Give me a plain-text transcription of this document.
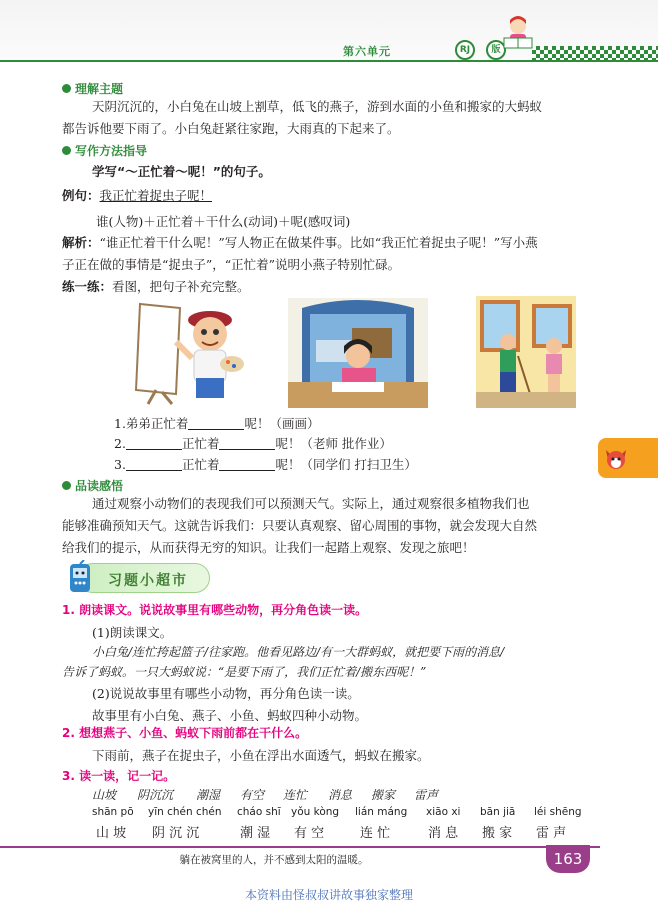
第六单元	RJ	版
理解主题
天阴沉沉的，小白兔在山坡上割草，低飞的燕子，游到水面的小鱼和搬家的大蚂蚁
都告诉他要下雨了。小白兔赶紧往家跑，大雨真的下起来了。
写作方法指导
学写“～正忙着～呢！”的句子。
例句：我正忙着捉虫子呢！
谁(人物)＋正忙着＋干什么(动词)＋呢(感叹词)
解析：“谁正忙着干什么呢！”写人物正在做某件事。比如“我正忙着捉虫子呢！”写小燕
子正在做的事情是“捉虫子”，“正忙着”说明小燕子特别忙碌。
练一练：看图，把句子补充完整。
1.弟弟正忙着	呢！（画画）
2.	正忙着	呢！（老师 批作业）
3.	正忙着	呢！（同学们 打扫卫生）
品读感悟
通过观察小动物们的表现我们可以预测天气。实际上，通过观察很多植物我们也
能够准确预知天气。这就告诉我们：只要认真观察、留心周围的事物，就会发现大自然
给我们的提示，从而获得无穷的知识。让我们一起踏上观察、发现之旅吧！
习题小超市
1. 朗读课文。说说故事里有哪些动物，再分角色读一读。
(1)朗读课文。
小白兔/连忙挎起篮子/往家跑。他看见路边/有一大群蚂蚁，就把要下雨的消息/
告诉了蚂蚁。一只大蚂蚁说：“是要下雨了，我们正忙着/搬东西呢！”
(2)说说故事里有哪些小动物，再分角色读一读。
故事里有小白兔、燕子、小鱼、蚂蚁四种小动物。
2. 想想燕子、小鱼、蚂蚁下雨前都在干什么。
下雨前，燕子在捉虫子，小鱼在浮出水面透气，蚂蚁在搬家。
3. 读一读，记一记。
山坡 阴沉沉 潮湿 有空 连忙 消息 搬家 雷声
shān pō yīn chén chén cháo shī yǒu kòng lián máng xiāo xi bān jiā léi shēng
山 坡 阴 沉 沉	潮 湿 有 空	连 忙	消 息 搬 家 雷 声
躺在被窝里的人，并不感到太阳的温暖。	163
本资料由怪叔叔讲故事独家整理
